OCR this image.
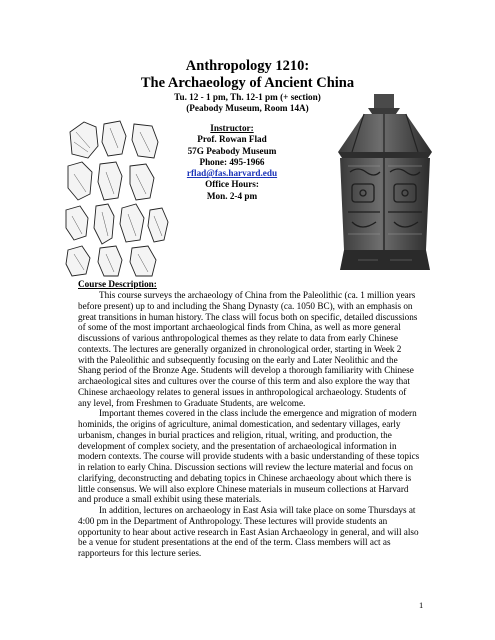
Anthropology 1210:
The Archaeology of Ancient China
Tu. 12 - 1 pm, Th. 12-1 pm (+ section)
(Peabody Museum, Room 14A)
Instructor:
Prof. Rowan Flad
57G Peabody Museum
Phone: 495-1966
rflad@fas.harvard.edu
Office Hours:
Mon. 2-4 pm
Course Description:

This course surveys the archaeology of China from the Paleolithic (ca. 1 million years before present) up to and including the Shang Dynasty (ca. 1050 BC), with an emphasis on great transitions in human history. The class will focus both on specific, detailed discussions of some of the most important archaeological finds from China, as well as more general discussions of various anthropological themes as they relate to data from early Chinese contexts. The lectures are generally organized in chronological order, starting in Week 2 with the Paleolithic and subsequently focusing on the early and Later Neolithic and the Shang period of the Bronze Age. Students will develop a thorough familiarity with Chinese archaeological sites and cultures over the course of this term and also explore the way that Chinese archaeology relates to general issues in anthropological archaeology. Students of any level, from Freshmen to Graduate Students, are welcome.

Important themes covered in the class include the emergence and migration of modern hominids, the origins of agriculture, animal domestication, and sedentary villages, early urbanism, changes in burial practices and religion, ritual, writing, and production, the development of complex society, and the presentation of archaeological information in modern contexts. The course will provide students with a basic understanding of these topics in relation to early China. Discussion sections will review the lecture material and focus on clarifying, deconstructing and debating topics in Chinese archaeology about which there is little consensus. We will also explore Chinese materials in museum collections at Harvard and produce a small exhibit using these materials.

In addition, lectures on archaeology in East Asia will take place on some Thursdays at 4:00 pm in the Department of Anthropology. These lectures will provide students an opportunity to hear about active research in East Asian Archaeology in general, and will also be a venue for student presentations at the end of the term. Class members will act as rapporteurs for this lecture series.

1
